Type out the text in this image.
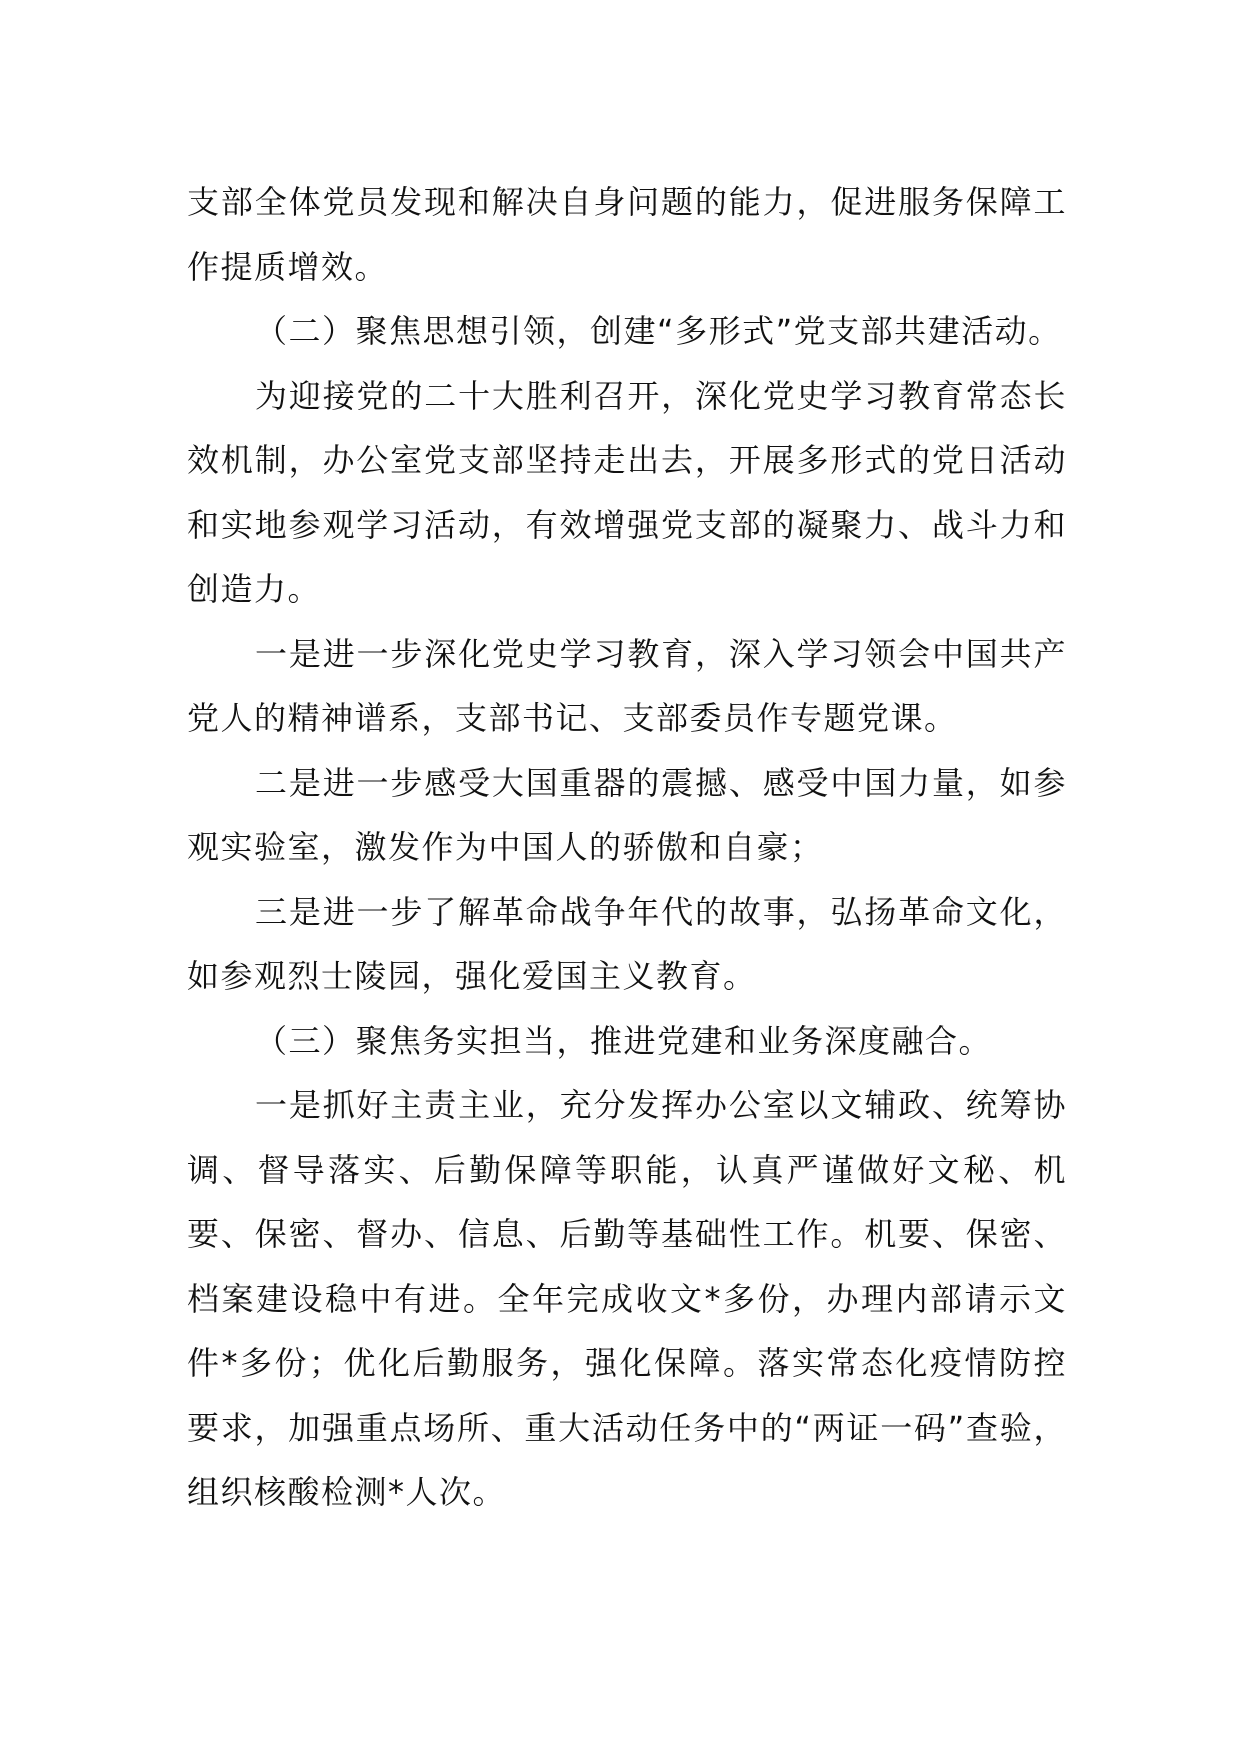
支部全体党员发现和解决自身问题的能力，促进服务保障工作提质增效。

（二）聚焦思想引领，创建“多形式”党支部共建活动。

为迎接党的二十大胜利召开，深化党史学习教育常态长效机制，办公室党支部坚持走出去，开展多形式的党日活动和实地参观学习活动，有效增强党支部的凝聚力、战斗力和创造力。

一是进一步深化党史学习教育，深入学习领会中国共产党人的精神谱系，支部书记、支部委员作专题党课。

二是进一步感受大国重器的震撼、感受中国力量，如参观实验室，激发作为中国人的骄傲和自豪；

三是进一步了解革命战争年代的故事，弘扬革命文化，如参观烈士陵园，强化爱国主义教育。

（三）聚焦务实担当，推进党建和业务深度融合。

一是抓好主责主业，充分发挥办公室以文辅政、统筹协调、督导落实、后勤保障等职能，认真严谨做好文秘、机要、保密、督办、信息、后勤等基础性工作。机要、保密、档案建设稳中有进。全年完成收文*多份，办理内部请示文件*多份；优化后勤服务，强化保障。落实常态化疫情防控要求，加强重点场所、重大活动任务中的“两证一码”查验，组织核酸检测*人次。
